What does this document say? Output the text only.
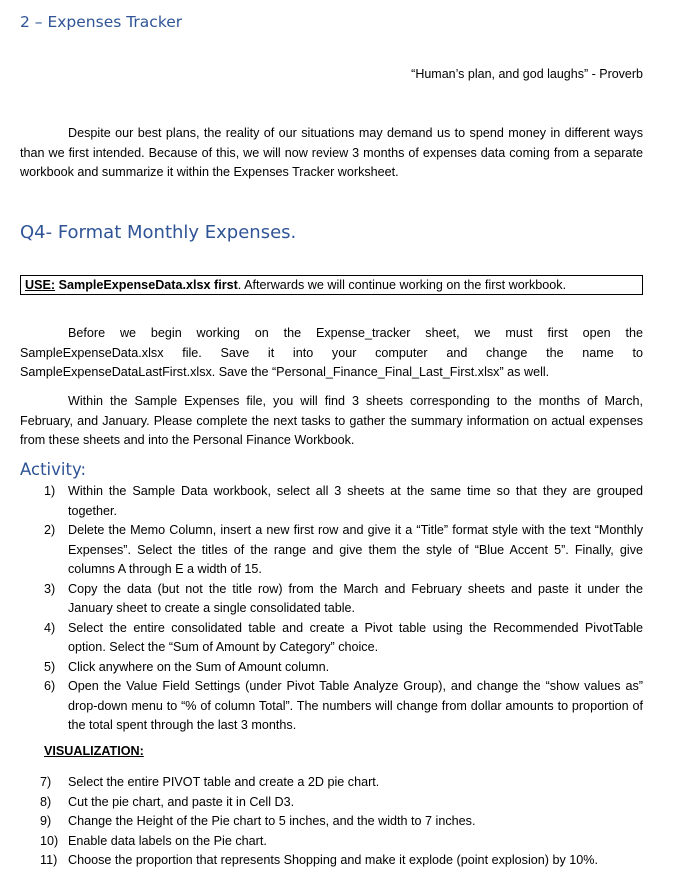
2 – Expenses Tracker
“Human’s plan, and god laughs” - Proverb
Despite our best plans, the reality of our situations may demand us to spend money in different ways than we first intended. Because of this, we will now review 3 months of expenses data coming from a separate workbook and summarize it within the Expenses Tracker worksheet.
Q4- Format Monthly Expenses.
USE: SampleExpenseData.xlsx first. Afterwards we will continue working on the first workbook.
Before we begin working on the Expense_tracker sheet, we must first open the SampleExpenseData.xlsx file. Save it into your computer and change the name to SampleExpenseDataLastFirst.xlsx. Save the “Personal_Finance_Final_Last_First.xlsx” as well.
Within the Sample Expenses file, you will find 3 sheets corresponding to the months of March, February, and January. Please complete the next tasks to gather the summary information on actual expenses from these sheets and into the Personal Finance Workbook.
Activity:
1) Within the Sample Data workbook, select all 3 sheets at the same time so that they are grouped together.
2) Delete the Memo Column, insert a new first row and give it a “Title” format style with the text “Monthly Expenses”. Select the titles of the range and give them the style of “Blue Accent 5”. Finally, give columns A through E a width of 15.
3) Copy the data (but not the title row) from the March and February sheets and paste it under the January sheet to create a single consolidated table.
4) Select the entire consolidated table and create a Pivot table using the Recommended PivotTable option. Select the “Sum of Amount by Category” choice.
5) Click anywhere on the Sum of Amount column.
6) Open the Value Field Settings (under Pivot Table Analyze Group), and change the “show values as” drop-down menu to “% of column Total”. The numbers will change from dollar amounts to proportion of the total spent through the last 3 months.
VISUALIZATION:
7) Select the entire PIVOT table and create a 2D pie chart.
8) Cut the pie chart, and paste it in Cell D3.
9) Change the Height of the Pie chart to 5 inches, and the width to 7 inches.
10) Enable data labels on the Pie chart.
11) Choose the proportion that represents Shopping and make it explode (point explosion) by 10%.
